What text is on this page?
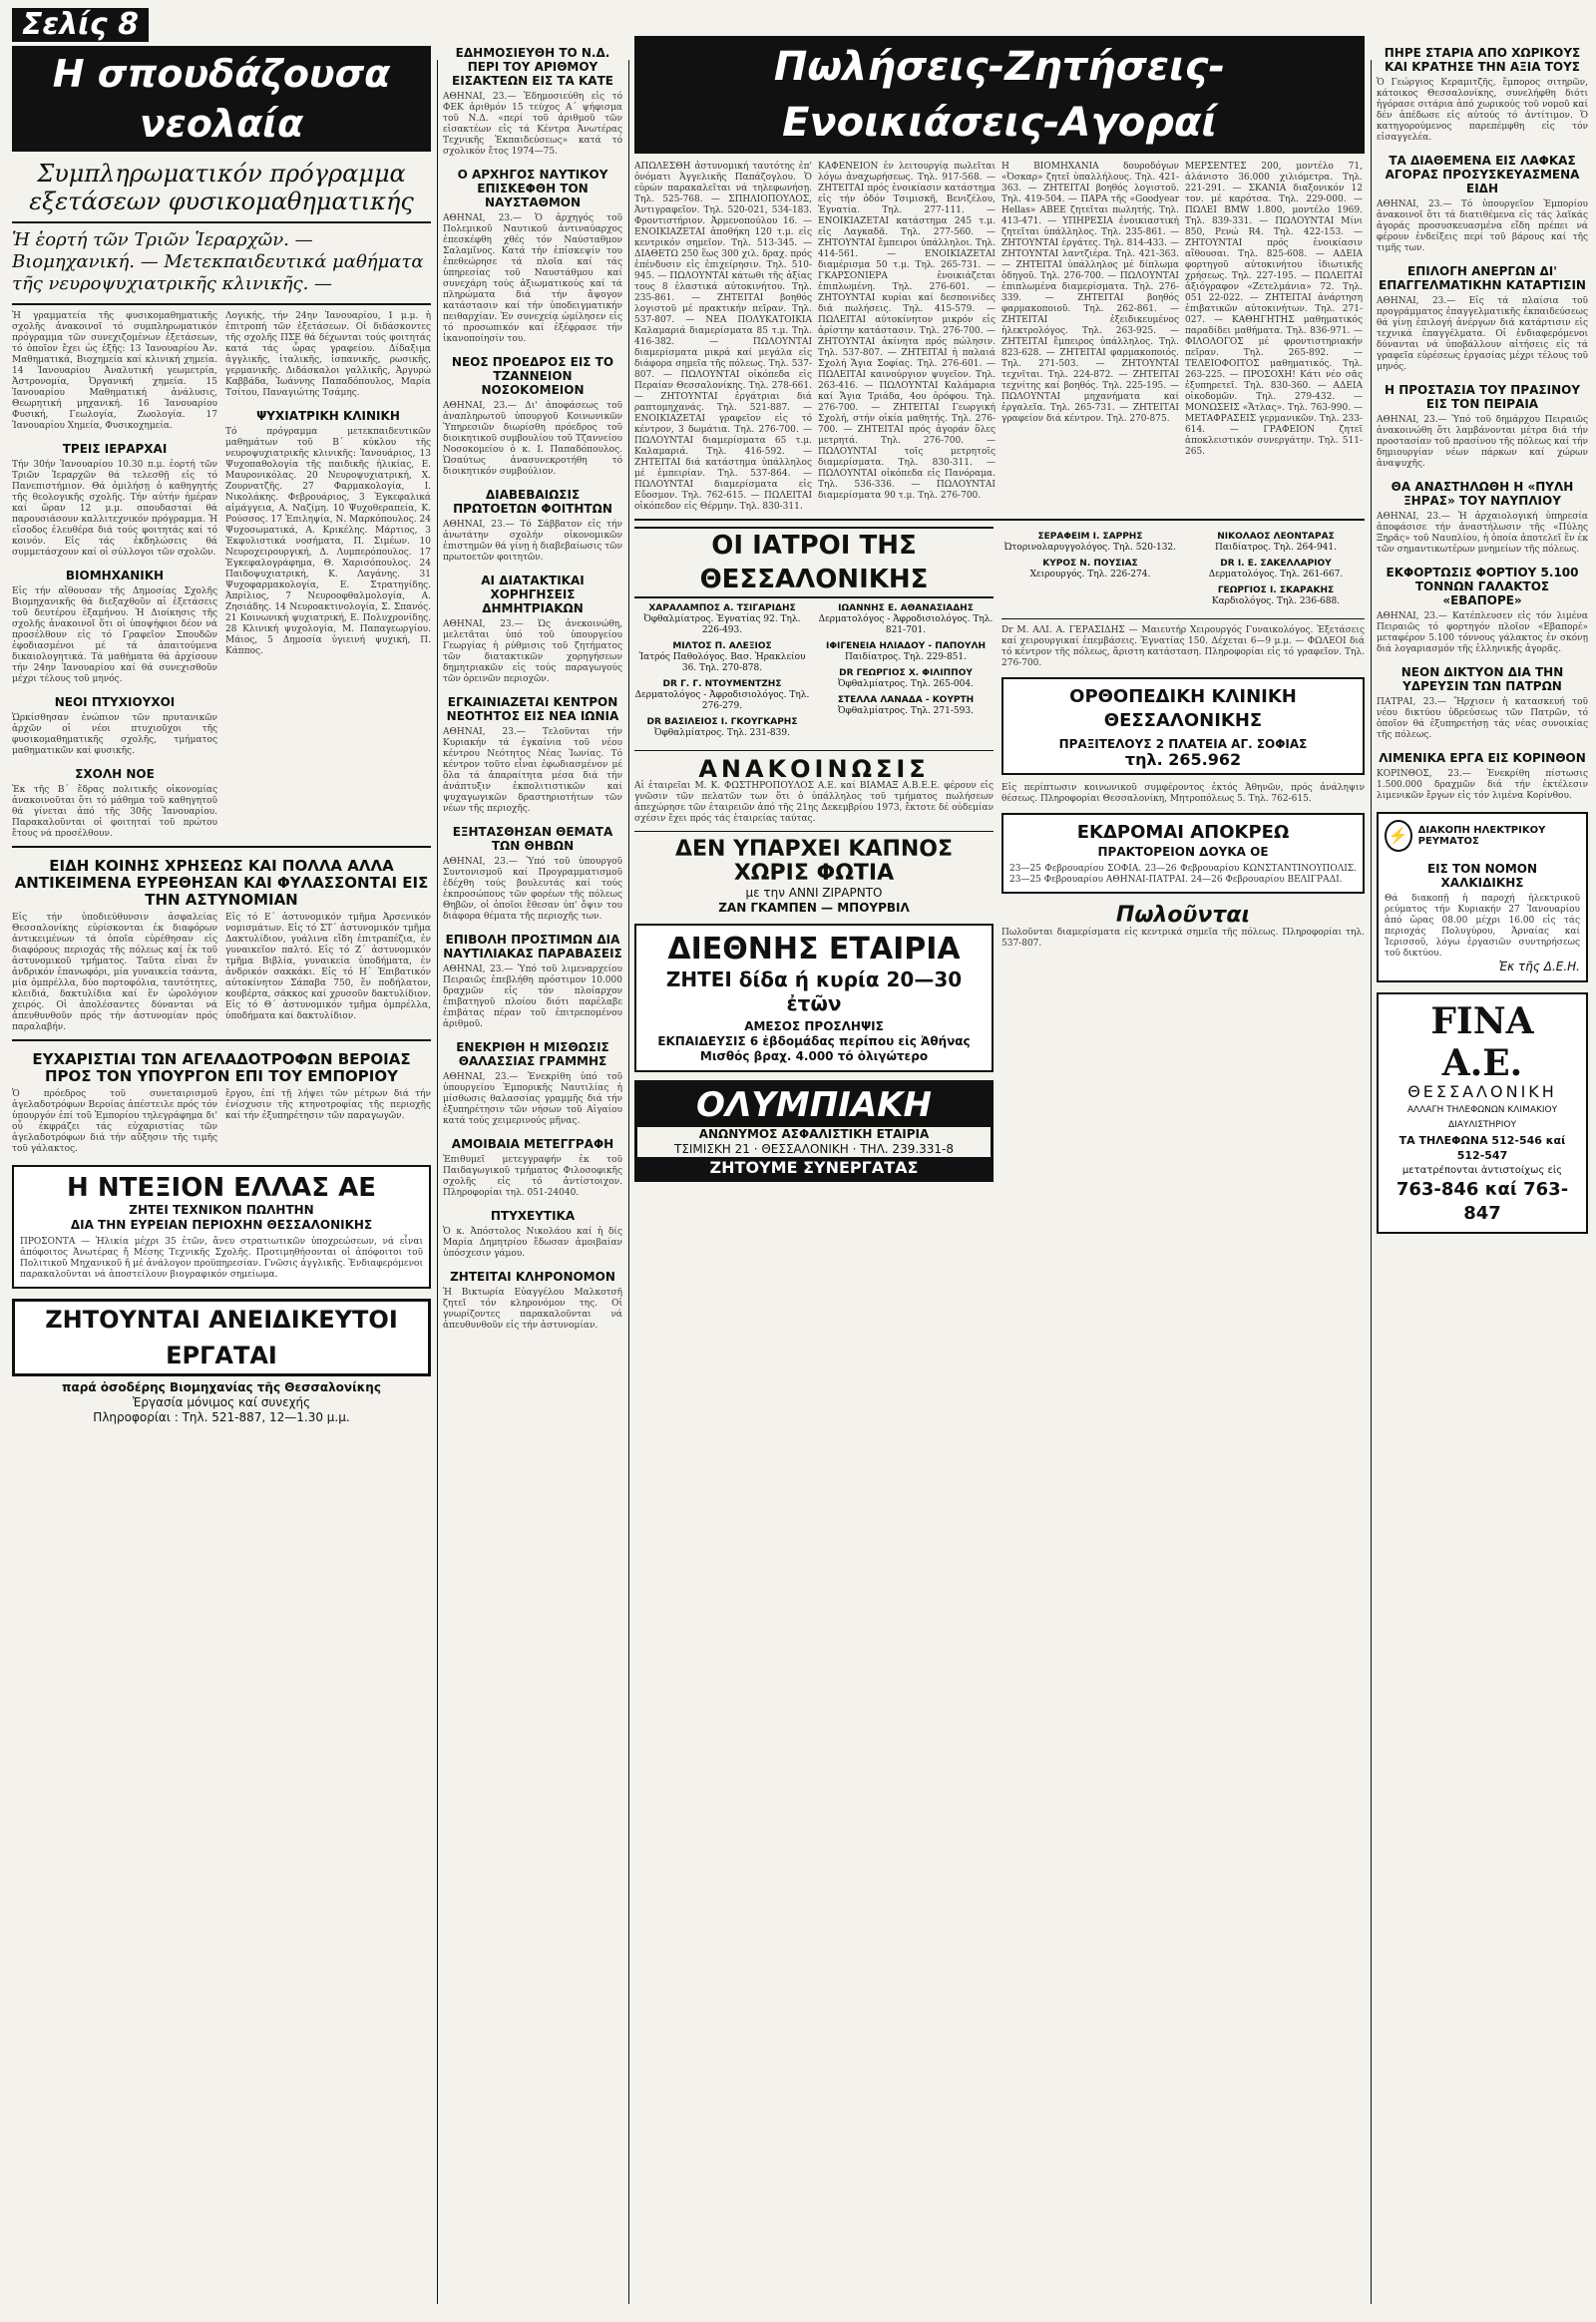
Σελίς 8
Η σπουδάζουσα νεολαία
Συμπληρωματικόν πρόγραμμα εξετάσεων φυσικομαθηματικής
Ἡ ἑορτή τῶν Τριῶν Ἱεραρχῶν. — Βιομηχανική. — Μετεκπαιδευτικά μαθήματα τῆς νευροψυχιατρικῆς κλινικῆς. —
Ἡ γραμματεία τῆς φυσικομαθηματικῆς σχολῆς ἀνακοινοῖ τό συμπληρωματικόν πρόγραμμα τῶν συνεχιζομένων ἐξετάσεων, τό ὁποῖον ἔχει ὡς ἑξῆς: 13 Ἰανουαρίου Ἀν. Μαθηματικά, Βιοχημεία καί κλινική χημεία. 14 Ἰανουαρίου Ἀναλυτική γεωμετρία, Ἀστρονομία, Ὀργανική χημεία. 15 Ἰανουαρίου Μαθηματική ἀνάλυσις, Θεωρητική μηχανική. 16 Ἰανουαρίου Φυσική, Γεωλογία, Ζωολογία. 17 Ἰανουαρίου Χημεία, Φυσικοχημεία.
ΤΡΕΙΣ ΙΕΡΑΡΧΑΙ
Τήν 30ήν Ἰανουαρίου 10.30 π.μ. ἑορτή τῶν Τριῶν Ἱεραρχῶν θά τελεσθῇ εἰς τό Πανεπιστήμιον. Θά ὁμιλήσῃ ὁ καθηγητής τῆς θεολογικῆς σχολῆς. Τήν αὐτήν ἡμέραν καί ὥραν 12 μ.μ. σπουδασταί θά παρουσιάσουν καλλιτεχνικόν πρόγραμμα. Ἡ εἴσοδος ἐλευθέρα διά τούς φοιτητάς καί τό κοινόν. Εἰς τάς ἐκδηλώσεις θά συμμετάσχουν καί οἱ σύλλογοι τῶν σχολῶν.
ΒΙΟΜΗΧΑΝΙΚΗ
Εἰς τήν αἴθουσαν τῆς Δημοσίας Σχολῆς Βιομηχανικῆς θά διεξαχθοῦν αἱ ἐξετάσεις τοῦ δευτέρου ἑξαμήνου. Ἡ Διοίκησις τῆς σχολῆς ἀνακοινοῖ ὅτι οἱ ὑποψήφιοι δέον νά προσέλθουν εἰς τό Γραφεῖον Σπουδῶν ἐφοδιασμένοι μέ τά ἀπαιτούμενα δικαιολογητικά. Τά μαθήματα θά ἀρχίσουν τήν 24ην Ἰανουαρίου καί θά συνεχισθοῦν μέχρι τέλους τοῦ μηνός.
ΝΕΟΙ ΠΤΥΧΙΟΥΧΟΙ
Ὡρκίσθησαν ἐνώπιον τῶν πρυτανικῶν ἀρχῶν οἱ νέοι πτυχιοῦχοι τῆς φυσικομαθηματικῆς σχολῆς, τμήματος μαθηματικῶν καί φυσικῆς.
ΣΧΟΛΗ ΝΟΕ
Ἐκ τῆς Β΄ ἕδρας πολιτικῆς οἰκονομίας ἀνακοινοῦται ὅτι τό μάθημα τοῦ καθηγητοῦ θά γίνεται ἀπό τῆς 30ῆς Ἰανουαρίου. Παρακαλοῦνται οἱ φοιτηταί τοῦ πρώτου ἔτους νά προσέλθουν.
Λογικής, τήν 24ην Ἰανουαρίου, 1 μ.μ. ἡ ἐπιτροπή τῶν ἐξετάσεων. Οἱ διδάσκοντες τῆς σχολῆς ΠΣΕ θά δέχωνται τούς φοιτητάς κατά τάς ὧρας γραφείου. Δίδαξιμα ἀγγλικῆς, ἰταλικῆς, ἰσπανικῆς, ρωσικῆς, γερμανικῆς. Διδάσκαλοι γαλλικῆς, Ἀργυρώ Καββάδα, Ἰωάννης Παπαδόπουλος, Μαρία Τσίτου, Παναγιώτης Τσάμης.
ΨΥΧΙΑΤΡΙΚΗ ΚΛΙΝΙΚΗ
Τό πρόγραμμα μετεκπαιδευτικῶν μαθημάτων τοῦ Β΄ κύκλου τῆς νευροψυχιατρικῆς κλινικῆς: Ἰανουάριος, 13 Ψυχοπαθολογία τῆς παιδικῆς ἡλικίας, Ε. Μαυρονικόλας. 20 Νευροψυχιατρική, Χ. Ζουρνατζῆς. 27 Φαρμακολογία, Ι. Νικολάκης. Φεβρουάριος, 3 Ἐγκεφαλικά αἰμάγγεια, Α. Ναζίμη. 10 Ψυχοθεραπεία, Κ. Ρούσσος. 17 Ἐπιληψία, Ν. Μαρκόπουλος. 24 Ψυχοσωματικά, Α. Κρικέλης. Μάρτιος, 3 Ἐκφυλιστικά νοσήματα, Π. Σιμέων. 10 Νευροχειρουργική, Δ. Λυμπερόπουλος. 17 Ἐγκεφαλογράφημα, Θ. Χαρισόπουλος. 24 Παιδοψυχιατρική, Κ. Λαγάνης. 31 Ψυχοφαρμακολογία, Ε. Στρατηγίδης. Ἀπρίλιος, 7 Νευροοφθαλμολογία, Α. Ζησιάδης. 14 Νευροακτινολογία, Σ. Σπανός. 21 Κοινωνική ψυχιατρική, Ε. Πολυχρονίδης. 28 Κλινική ψυχολογία, Μ. Παπαγεωργίου. Μάιος, 5 Δημοσία ὑγιεινή ψυχική, Π. Κάππος.
ΕΙΔΗ ΚΟΙΝΗΣ ΧΡΗΣΕΩΣ ΚΑΙ ΠΟΛΛΑ ΑΛΛΑ ΑΝΤΙΚΕΙΜΕΝΑ ΕΥΡΕΘΗΣΑΝ ΚΑΙ ΦΥΛΑΣΣΟΝΤΑΙ ΕΙΣ ΤΗΝ ΑΣΤΥΝΟΜΙΑΝ
Εἰς τήν ὑποδιεύθυνσιν ἀσφαλείας Θεσσαλονίκης εὑρίσκονται ἐκ διαφόρων ἀντικειμένων τά ὁποῖα εὑρέθησαν εἰς διαφόρους περιοχάς τῆς πόλεως καί ἐκ τοῦ ἀστυνομικοῦ τμήματος. Ταῦτα εἶναι ἕν ἀνδρικόν ἐπανωφόρι, μία γυναικεία τσάντα, μία ὀμπρέλλα, δύο πορτοφόλια, ταυτότητες, κλειδιά, δακτυλίδια καί ἕν ὡρολόγιον χειρός. Οἱ ἀπολέσαντες δύνανται νά ἀπευθυνθοῦν πρός τήν ἀστυνομίαν πρός παραλαβήν.
Εἰς τό Ε΄ ἀστυνομικόν τμῆμα Ἀρσενικόν νομισμάτων. Εἰς τό ΣΤ΄ ἀστυνομικόν τμῆμα Δακτυλίδιον, γυάλινα εἴδη ἐπιτραπέζια, ἐν γυναικεῖον παλτό. Εἰς τό Ζ΄ ἀστυνομικόν τμῆμα Βιβλία, γυναικεία ὑποδήματα, ἐν ἀνδρικόν σακκάκι. Εἰς τό Η΄ Ἐπιβατικόν αὐτοκίνητον Σάπαβα 750, ἕν ποδήλατον, κουβέρτα, σάκκος καί χρυσοῦν δακτυλίδιον. Εἰς τό Θ΄ ἀστυνομικόν τμῆμα ὁμπρέλλα, ὑποδήματα καί δακτυλίδιον.
ΕΥΧΑΡΙΣΤΙΑΙ ΤΩΝ ΑΓΕΛΑΔΟΤΡΟΦΩΝ ΒΕΡΟΙΑΣ ΠΡΟΣ ΤΟΝ ΥΠΟΥΡΓΟΝ ΕΠΙ ΤΟΥ ΕΜΠΟΡΙΟΥ
Ὁ πρόεδρος τοῦ συνεταιρισμοῦ ἀγελαδοτρόφων Βεροίας ἀπέστειλε πρός τόν ὑπουργόν ἐπί τοῦ Ἐμπορίου τηλεγράφημα δι' οὗ ἐκφράζει τάς εὐχαριστίας τῶν ἀγελαδοτρόφων διά τήν αὔξησιν τῆς τιμῆς τοῦ γάλακτος.
ἔργου, ἐπί τῇ λήψει τῶν μέτρων διά τήν ἐνίσχυσιν τῆς κτηνοτροφίας τῆς περιοχῆς καί τήν ἐξυπηρέτησιν τῶν παραγωγῶν.
Η ΝΤΕΞΙΟΝ ΕΛΛΑΣ ΑΕ
ΖΗΤΕΙ ΤΕΧΝΙΚΟΝ ΠΩΛΗΤΗΝ
ΔΙΑ ΤΗΝ ΕΥΡΕΙΑΝ ΠΕΡΙΟΧΗΝ ΘΕΣΣΑΛΟΝΙΚΗΣ
ΠΡΟΣΟΝΤΑ — Ἡλικία μέχρι 35 ἐτῶν, ἄνευ στρατιωτικῶν ὑποχρεώσεων, νά εἶναι ἀπόφοιτος Ἀνωτέρας ἤ Μέσης Τεχνικῆς Σχολῆς. Προτιμηθήσονται οἱ ἀπόφοιτοι τοῦ Πολιτικοῦ Μηχανικοῦ ἤ μέ ἀνάλογον προϋπηρεσίαν. Γνῶσις ἀγγλικῆς. Ἐνδιαφερόμενοι παρακαλοῦνται νά ἀποστείλουν βιογραφικόν σημείωμα.
ΖΗΤΟΥΝΤΑΙ ΑΝΕΙΔΙΚΕΥΤΟΙ ΕΡΓΑΤΑΙ
παρά ὁσοδέρης Βιομηχανίας τῆς Θεσσαλονίκης
Ἐργασία μόνιμος καί συνεχής
Πληροφορίαι : Τηλ. 521-887, 12—1.30 μ.μ.
ΕΔΗΜΟΣΙΕΥΘΗ ΤΟ Ν.Δ. ΠΕΡΙ ΤΟΥ ΑΡΙΘΜΟΥ ΕΙΣΑΚΤΕΩΝ ΕΙΣ ΤΑ ΚΑΤΕ
ΑΘΗΝΑΙ, 23.— Ἐδημοσιεύθη εἰς τό ΦΕΚ ἀριθμόν 15 τεύχος Α΄ ψήφισμα τοῦ Ν.Δ. «περί τοῦ ἀριθμοῦ τῶν εἰσακτέων εἰς τά Κέντρα Ἀνωτέρας Τεχνικῆς Ἐκπαιδεύσεως» κατά τό σχολικόν ἔτος 1974—75.
Ο ΑΡΧΗΓΟΣ ΝΑΥΤΙΚΟΥ ΕΠΙΣΚΕΦΘΗ ΤΟΝ ΝΑΥΣΤΑΘΜΟΝ
ΑΘΗΝΑΙ, 23.— Ὁ ἀρχηγός τοῦ Πολεμικοῦ Ναυτικοῦ ἀντιναύαρχος ἐπεσκέφθη χθές τόν Ναύσταθμον Σαλαμῖνος. Κατά τήν ἐπίσκεψίν του ἐπεθεώρησε τά πλοῖα καί τάς ὑπηρεσίας τοῦ Ναυστάθμου καί συνεχάρη τούς ἀξιωματικούς καί τά πληρώματα διά τήν ἄψογον κατάστασιν καί τήν ὑποδειγματικήν πειθαρχίαν. Ἐν συνεχείᾳ ὡμίλησεν εἰς τό προσωπικόν καί ἐξέφρασε τήν ἱκανοποίησίν του.
ΝΕΟΣ ΠΡΟΕΔΡΟΣ ΕΙΣ ΤΟ ΤΖΑΝΝΕΙΟΝ ΝΟΣΟΚΟΜΕΙΟΝ
ΑΘΗΝΑΙ, 23.— Δι' ἀποφάσεως τοῦ ἀναπληρωτοῦ ὑπουργοῦ Κοινωνικῶν Ὑπηρεσιῶν διωρίσθη πρόεδρος τοῦ διοικητικοῦ συμβουλίου τοῦ Τζαννείου Νοσοκομείου ὁ κ. Ι. Παπαδόπουλος. Ὡσαύτως ἀνασυνεκροτήθη τό διοικητικόν συμβούλιον.
ΔΙΑΒΕΒΑΙΩΣΙΣ ΠΡΩΤΟΕΤΩΝ ΦΟΙΤΗΤΩΝ
ΑΘΗΝΑΙ, 23.— Τό Σάββατον εἰς τήν ἀνωτάτην σχολήν οἰκονομικῶν ἐπιστημῶν θά γίνῃ ἡ διαβεβαίωσις τῶν πρωτοετῶν φοιτητῶν.
ΑΙ ΔΙΑΤΑΚΤΙΚΑΙ ΧΟΡΗΓΗΣΕΙΣ ΔΗΜΗΤΡΙΑΚΩΝ
ΑΘΗΝΑΙ, 23.— Ὡς ἀνεκοινώθη, μελετᾶται ὑπό τοῦ ὑπουργείου Γεωργίας ἡ ρύθμισις τοῦ ζητήματος τῶν διατακτικῶν χορηγήσεων δημητριακῶν εἰς τούς παραγωγούς τῶν ὀρεινῶν περιοχῶν.
ΕΓΚΑΙΝΙΑΖΕΤΑΙ ΚΕΝΤΡΟΝ ΝΕΟΤΗΤΟΣ ΕΙΣ ΝΕΑ ΙΩΝΙΑ
ΑΘΗΝΑΙ, 23.— Τελοῦνται τήν Κυριακήν τά ἐγκαίνια τοῦ νέου κέντρου Νεότητος Νέας Ἰωνίας. Τό κέντρον τοῦτο εἶναι ἐφωδιασμένον μέ ὅλα τά ἀπαραίτητα μέσα διά τήν ἀνάπτυξιν ἐκπολιτιστικῶν καί ψυχαγωγικῶν δραστηριοτήτων τῶν νέων τῆς περιοχῆς.
ΕΞΗΤΑΣΘΗΣΑΝ ΘΕΜΑΤΑ ΤΩΝ ΘΗΒΩΝ
ΑΘΗΝΑΙ, 23.— Ὑπό τοῦ ὑπουργοῦ Συντονισμοῦ καί Προγραμματισμοῦ ἐδέχθη τούς βουλευτάς καί τούς ἐκπροσώπους τῶν φορέων τῆς πόλεως Θηβῶν, οἱ ὁποῖοι ἔθεσαν ὑπ' ὄψιν του διάφορα θέματα τῆς περιοχῆς των.
ΕΠΙΒΟΛΗ ΠΡΟΣΤΙΜΩΝ ΔΙΑ ΝΑΥΤΙΛΙΑΚΑΣ ΠΑΡΑΒΑΣΕΙΣ
ΑΘΗΝΑΙ, 23.— Ὑπό τοῦ λιμεναρχείου Πειραιῶς ἐπεβλήθη πρόστιμον 10.000 δραχμῶν εἰς τόν πλοίαρχον ἐπιβατηγοῦ πλοίου διότι παρέλαβε ἐπιβάτας πέραν τοῦ ἐπιτρεπομένου ἀριθμοῦ.
ΕΝΕΚΡΙΘΗ Η ΜΙΣΘΩΣΙΣ ΘΑΛΑΣΣΙΑΣ ΓΡΑΜΜΗΣ
ΑΘΗΝΑΙ, 23.— Ἐνεκρίθη ὑπό τοῦ ὑπουργείου Ἐμπορικῆς Ναυτιλίας ἡ μίσθωσις θαλασσίας γραμμῆς διά τήν ἐξυπηρέτησιν τῶν νήσων τοῦ Αἰγαίου κατά τούς χειμερινούς μῆνας.
ΑΜΟΙΒΑΙΑ ΜΕΤΕΓΓΡΑΦΗ
Ἐπιθυμεῖ μετεγγραφήν ἐκ τοῦ Παιδαγωγικοῦ τμήματος Φιλοσοφικῆς σχολῆς εἰς τό ἀντίστοιχον. Πληροφορίαι τηλ. 051-24040.
ΠΤΥΧΕΥΤΙΚΑ
Ὁ κ. Ἀπόστολος Νικολάου καί ἡ δίς Μαρία Δημητρίου ἔδωσαν ἀμοιβαίαν ὑπόσχεσιν γάμου.
ΖΗΤΕΙΤΑΙ ΚΛΗΡΟΝΟΜΟΝ
Ἡ Βικτωρία Εὐαγγέλου Μαλκοτσῆ ζητεῖ τόν κληρονόμον της. Οἱ γνωρίζοντες παρακαλοῦνται νά ἀπευθυνθοῦν εἰς τήν ἀστυνομίαν.
Πωλήσεις-Ζητήσεις-Ενοικιάσεις-Αγοραί
ΑΠΩΛΕΣΘΗ ἀστυνομική ταυτότης ἐπ' ὀνόματι Ἀγγελικῆς Παπάζογλου. Ὁ εὑρών παρακαλεῖται νά τηλεφωνήσῃ. Τηλ. 525-768. — ΣΠΗΛΙΟΠΟΥΛΟΣ, Ἀντιγραφεῖον. Τηλ. 520-021, 534-183. Φροντιστήριον. Ἀρμενοπούλου 16. — ΕΝΟΙΚΙΑΖΕΤΑΙ ἀποθήκη 120 τ.μ. εἰς κεντρικόν σημεῖον. Τηλ. 513-345. — ΔΙΑΘΕΤΩ 250 ἕως 300 χιλ. δραχ. πρός ἐπένδυσιν εἰς ἐπιχείρησιν. Τηλ. 510-945. — ΠΩΛΟΥΝΤΑΙ κάτωθι τῆς ἀξίας τους 8 ἐλαστικά αὐτοκινήτου. Τηλ. 235-861. — ΖΗΤΕΙΤΑΙ βοηθός λογιστοῦ μέ πρακτικήν πεῖραν. Τηλ. 537-807. — ΝΕΑ ΠΟΛΥΚΑΤΟΙΚΙΑ Καλαμαριά διαμερίσματα 85 τ.μ. Τηλ. 416-382. — ΠΩΛΟΥΝΤΑΙ διαμερίσματα μικρά καί μεγάλα εἰς διάφορα σημεῖα τῆς πόλεως. Τηλ. 537-807. — ΠΩΛΟΥΝΤΑΙ οἰκόπεδα εἰς Περαίαν Θεσσαλονίκης. Τηλ. 278-661. — ΖΗΤΟΥΝΤΑΙ ἐργάτριαι διά ραπτομηχανάς. Τηλ. 521-887. — ΕΝΟΙΚΙΑΖΕΤΑΙ γραφεῖον εἰς τό κέντρον, 3 δωμάτια. Τηλ. 276-700. — ΠΩΛΟΥΝΤΑΙ διαμερίσματα 65 τ.μ. Καλαμαριά. Τηλ. 416-592. — ΖΗΤΕΙΤΑΙ διά κατάστημα ὑπάλληλος μέ ἐμπειρίαν. Τηλ. 537-864. — ΠΩΛΟΥΝΤΑΙ διαμερίσματα εἰς Εὔοσμον. Τηλ. 762-615. — ΠΩΛΕΙΤΑΙ οἰκόπεδον εἰς Θέρμην. Τηλ. 830-311.
ΚΑΦΕΝΕΙΟΝ ἐν λειτουργίᾳ πωλεῖται λόγω ἀναχωρήσεως. Τηλ. 917-568. — ΖΗΤΕΙΤΑΙ πρός ἐνοικίασιν κατάστημα εἰς τήν ὁδόν Τσιμισκῆ, Βενιζέλου, Ἐγνατία. Τηλ. 277-111. — ΕΝΟΙΚΙΑΖΕΤΑΙ κατάστημα 245 τ.μ. εἰς Λαγκαδᾶ. Τηλ. 277-560. — ΖΗΤΟΥΝΤΑΙ ἔμπειροι ὑπάλληλοι. Τηλ. 414-561. — ΕΝΟΙΚΙΑΖΕΤΑΙ διαμέρισμα 50 τ.μ. Τηλ. 265-731. — ΓΚΑΡΣΟΝΙΕΡΑ ἐνοικιάζεται ἐπιπλωμένη. Τηλ. 276-601. — ΖΗΤΟΥΝΤΑΙ κυρίαι καί δεσποινίδες διά πωλήσεις. Τηλ. 415-579. — ΠΩΛΕΙΤΑΙ αὐτοκίνητον μικρόν εἰς ἀρίστην κατάστασιν. Τηλ. 276-700. — ΖΗΤΟΥΝΤΑΙ ἀκίνητα πρός πώλησιν. Τηλ. 537-807. — ΖΗΤΕΙΤΑΙ ἡ παλαιά Σχολή Ἄγια Σοφίας. Τηλ. 276-601. — ΠΩΛΕΙΤΑΙ καινούργιον ψυγεῖον. Τηλ. 263-416. — ΠΩΛΟΥΝΤΑΙ Καλάμαρια καί Ἄγια Τριάδα, 4ου ὀρόφου. Τηλ. 276-700. — ΖΗΤΕΙΤΑΙ Γεωργική Σχολή, στήν οἰκία μαθητής. Τηλ. 276-700. — ΖΗΤΕΙΤΑΙ πρός ἀγοράν ὅλες μετρητά. Τηλ. 276-700. — ΠΩΛΟΥΝΤΑΙ τοῖς μετρητοῖς διαμερίσματα. Τηλ. 830-311. — ΠΩΛΟΥΝΤΑΙ οἰκόπεδα εἰς Πανόραμα. Τηλ. 536-336. — ΠΩΛΟΥΝΤΑΙ διαμερίσματα 90 τ.μ. Τηλ. 276-700.
Η ΒΙΟΜΗΧΑΝΙΑ δουροδόγων «Ὀσκαρ» ζητεῖ ὑπαλλήλους. Τηλ. 421-363. — ΖΗΤΕΙΤΑΙ βοηθός λογιστοῦ. Τηλ. 419-504. — ΠΑΡΑ τῆς «Goodyear Hellas» ΑΒΕΕ ζητεῖται πωλητής. Τηλ. 413-471. — ΥΠΗΡΕΣΙΑ ἐνοικιαστική ζητεῖται ὑπάλληλος. Τηλ. 235-861. — ΖΗΤΟΥΝΤΑΙ ἐργάτες. Τηλ. 814-433. — ΖΗΤΟΥΝΤΑΙ λαντζιέρα. Τηλ. 421-363. — ΖΗΤΕΙΤΑΙ ὑπάλληλος μέ δίπλωμα ὁδηγοῦ. Τηλ. 276-700. — ΠΩΛΟΥΝΤΑΙ ἐπιπλωμένα διαμερίσματα. Τηλ. 276-339. — ΖΗΤΕΙΤΑΙ βοηθός φαρμακοποιοῦ. Τηλ. 262-861. — ΖΗΤΕΙΤΑΙ ἐξειδικευμένος ἠλεκτρολόγος. Τηλ. 263-925. — ΖΗΤΕΙΤΑΙ ἔμπειρος ὑπάλληλος. Τηλ. 823-628. — ΖΗΤΕΙΤΑΙ φαρμακοποιός. Τηλ. 271-503. — ΖΗΤΟΥΝΤΑΙ τεχνῖται. Τηλ. 224-872. — ΖΗΤΕΙΤΑΙ τεχνίτης καί βοηθός. Τηλ. 225-195. — ΠΩΛΟΥΝΤΑΙ μηχανήματα καί ἐργαλεῖα. Τηλ. 265-731. — ΖΗΤΕΙΤΑΙ γραφείον διά κέντρον. Τηλ. 270-875.
ΜΕΡΣΕΝΤΕΣ 200, μοντέλο 71, ἀλάνιστο 36.000 χιλιόμετρα. Τηλ. 221-291. — ΣΚΑΝΙΑ διαξονικόν 12 τον. μέ καρότσα. Τηλ. 229-000. — ΠΩΛΕΙ ΒΜW 1.800, μοντέλο 1969. Τηλ. 839-331. — ΠΩΛΟΥΝΤΑΙ Μίνι 850, Ρενώ R4. Τηλ. 422-153. — ΖΗΤΟΥΝΤΑΙ πρός ἐνοικίασιν αἴθουσαι. Τηλ. 825-608. — ΑΔΕΙΑ φορτηγοῦ αὐτοκινήτου ἰδιωτικῆς χρήσεως. Τηλ. 227-195. — ΠΩΛΕΙΤΑΙ ἀξιόγραφον «Ζετελμάνια» 72. Τηλ. 051 22-022. — ΖΗΤΕΙΤΑΙ ἀνάρτηση ἐπιβατικῶν αὐτοκινήτων. Τηλ. 271-027. — ΚΑΘΗΓΗΤΗΣ μαθηματικός παραδίδει μαθήματα. Τηλ. 836-971. — ΦΙΛΟΛΟΓΟΣ μέ φροντιστηριακήν πεῖραν. Τηλ. 265-892. — ΤΕΛΕΙΟΦΟΙΤΟΣ μαθηματικός. Τηλ. 263-225. — ΠΡΟΣΟΧΗ! Κάτι νέο σᾶς ἐξυπηρετεῖ. Τηλ. 830-360. — ΑΔΕΙΑ οἰκοδομῶν. Τηλ. 279-432. — ΜΟΝΩΣΕΙΣ «Ἄτλας». Τηλ. 763-990. — ΜΕΤΑΦΡΑΣΕΙΣ γερμανικῶν. Τηλ. 233-614. — ΓΡΑΦΕΙΟΝ ζητεῖ ἀποκλειστικόν συνεργάτην. Τηλ. 511-265.
ΟΙ ΙΑΤΡΟΙ ΤΗΣ ΘΕΣΣΑΛΟΝΙΚΗΣ
ΧΑΡΑΛΑΜΠΟΣ Α. ΤΣΙΓΑΡΙΔΗΣ
Ὀφθαλμίατρος. Ἐγνατίας 92. Τηλ. 226-493.
ΜΙΛΤΟΣ Π. ΑΛΕΞΙΟΣ
Ἰατρός Παθολόγος. Βασ. Ἡρακλείου 36. Τηλ. 270-878.
DR Γ. Γ. ΝΤΟΥΜΕΝΤΖΗΣ
Δερματολόγος - Ἀφροδισιολόγος. Τηλ. 276-279.
DR ΒΑΣΙΛΕΙΟΣ Ι. ΓΚΟΥΓΚΑΡΗΣ
Ὀφθαλμίατρος. Τηλ. 231-839.
ΙΩΑΝΝΗΣ Ε. ΑΘΑΝΑΣΙΑΔΗΣ
Δερματολόγος - Ἀφροδισιολόγος. Τηλ. 821-701.
ΙΦΙΓΕΝΕΙΑ ΗΛΙΑΔΟΥ - ΠΑΠΟΥΛΗ
Παιδίατρος. Τηλ. 229-851.
DR ΓΕΩΡΓΙΟΣ Χ. ΦΙΛΙΠΠΟΥ
Ὀφθαλμίατρος. Τηλ. 265-004.
ΣΤΕΛΛΑ ΛΑΝΑΔΑ - ΚΟΥΡΤΗ
Ὀφθαλμίατρος. Τηλ. 271-593.
ΑΝΑΚΟΙΝΩΣΙΣ
Αἱ ἑταιρεῖαι Μ. Κ. ΦΩΣΤΗΡΟΠΟΥΛΟΣ Α.Ε. καί ΒΙΑΜΑΞ Α.Β.Ε.Ε. φέρουν εἰς γνῶσιν τῶν πελατῶν των ὅτι ὁ ὑπάλληλος τοῦ τμήματος πωλήσεων ἀπεχώρησε τῶν ἑταιρειῶν ἀπό τῆς 21ης Δεκεμβρίου 1973, ἔκτοτε δέ οὐδεμίαν σχέσιν ἔχει πρός τάς ἑταιρείας ταύτας.
ΔΕΝ ΥΠΑΡΧΕΙ ΚΑΠΝΟΣ ΧΩΡΙΣ ΦΩΤΙΑ
με την ΑΝΝΙ ΖΙΡΑΡΝΤΟ
ΖΑΝ ΓΚΑΜΠΕΝ — ΜΠΟΥΡΒΙΛ
ΔΙΕΘΝΗΣ ΕΤΑΙΡΙΑ
ΖΗΤΕΙ δίδα ή κυρία 20—30 ἐτῶν
ΑΜΕΣΟΣ ΠΡΟΣΛΗΨΙΣ
ΕΚΠΑΙΔΕΥΣΙΣ 6 ἑβδομάδας περίπου εἰς Ἀθήνας
Μισθός βραχ. 4.000 τό ὀλιγώτερο
ΟΛΥΜΠΙΑΚΗ
ΑΝΩΝΥΜΟΣ ΑΣΦΑΛΙΣΤΙΚΗ ΕΤΑΙΡΙΑ
ΤΣΙΜΙΣΚΗ 21 · ΘΕΣΣΑΛΟΝΙΚΗ · ΤΗΛ. 239.331-8
ΖΗΤΟΥΜΕ ΣΥΝΕΡΓΑΤΑΣ
ΣΕΡΑΦΕΙΜ Ι. ΣΑΡΡΗΣ
Ὠτορινολαρυγγολόγος. Τηλ. 520-132.
ΚΥΡΟΣ Ν. ΠΟΥΣΙΑΣ
Χειρουργός. Τηλ. 226-274.
ΝΙΚΟΛΑΟΣ ΛΕΟΝΤΑΡΑΣ
Παιδίατρος. Τηλ. 264-941.
DR Ι. Ε. ΣΑΚΕΛΛΑΡΙΟΥ
Δερματολόγος. Τηλ. 261-667.
ΓΕΩΡΓΙΟΣ Ι. ΣΚΑΡΑΚΗΣ
Καρδιολόγος. Τηλ. 236-688.
Dr Μ. ΑΛΙ. Α. ΓΕΡΑΣΙΔΗΣ — Μαιευτήρ Χειρουργός Γυναικολόγος. Ἐξετάσεις καί χειρουργικαί ἐπεμβάσεις. Ἐγνατίας 150. Δέχεται 6—9 μ.μ. — ΦΩΛΕΟΙ διά τό κέντρον τῆς πόλεως, ἄριστη κατάσταση. Πληροφορίαι εἰς τό γραφεῖον. Τηλ. 276-700.
ΟΡΘΟΠΕΔΙΚΗ ΚΛΙΝΙΚΗ ΘΕΣΣΑΛΟΝΙΚΗΣ
ΠΡΑΞΙΤΕΛΟΥΣ 2 ΠΛΑΤΕΙΑ ΑΓ. ΣΟΦΙΑΣ
τηλ. 265.962
Εἰς περίπτωσιν κοινωνικοῦ συμφέροντος ἐκτός Ἀθηνῶν, πρός ἀνάληψιν θέσεως. Πληροφορίαι Θεσσαλονίκη, Μητροπόλεως 5. Τηλ. 762-615.
ΕΚΔΡΟΜΑΙ ΑΠΟΚΡΕΩ
ΠΡΑΚΤΟΡΕΙΟΝ ΔΟΥΚΑ ΟΕ
23—25 Φεβρουαρίου ΣΟΦΙΑ. 23—26 Φεβρουαρίου ΚΩΝΣΤΑΝΤΙΝΟΥΠΟΛΙΣ. 23—25 Φεβρουαρίου ΑΘΗΝΑΙ-ΠΑΤΡΑΙ. 24—26 Φεβρουαρίου ΒΕΛΙΓΡΑΔΙ.
Πωλοῦνται
Πωλοῦνται διαμερίσματα εἰς κεντρικά σημεῖα τῆς πόλεως. Πληροφορίαι τηλ. 537-807.
ΠΗΡΕ ΣΤΑΡΙΑ ΑΠΟ ΧΩΡΙΚΟΥΣ ΚΑΙ ΚΡΑΤΗΣΕ ΤΗΝ ΑΞΙΑ ΤΟΥΣ
Ὁ Γεώργιος Κεραμιτζῆς, ἔμπορος σιτηρῶν, κάτοικος Θεσσαλονίκης, συνελήφθη διότι ἠγόρασε σιτάρια ἀπό χωρικούς τοῦ νομοῦ καί δέν ἀπέδωσε εἰς αὐτούς τό ἀντίτιμον. Ὁ κατηγορούμενος παρεπέμφθη εἰς τόν εἰσαγγελέα.
ΤΑ ΔΙΑΘΕΜΕΝΑ ΕΙΣ ΛΑΦΚΑΣ ΑΓΟΡΑΣ ΠΡΟΣΥΣΚΕΥΑΣΜΕΝΑ ΕΙΔΗ
ΑΘΗΝΑΙ, 23.— Τό ὑπουργεῖον Ἐμπορίου ἀνακοινοῖ ὅτι τά διατιθέμενα εἰς τάς λαϊκάς ἀγοράς προσυσκευασμένα εἴδη πρέπει νά φέρουν ἐνδείξεις περί τοῦ βάρους καί τῆς τιμῆς των.
ΕΠΙΛΟΓΗ ΑΝΕΡΓΩΝ ΔΙ' ΕΠΑΓΓΕΛΜΑΤΙΚΗΝ ΚΑΤΑΡΤΙΣΙΝ
ΑΘΗΝΑΙ, 23.— Εἰς τά πλαίσια τοῦ προγράμματος ἐπαγγελματικῆς ἐκπαιδεύσεως θά γίνῃ ἐπιλογή ἀνέργων διά κατάρτισιν εἰς τεχνικά ἐπαγγέλματα. Οἱ ἐνδιαφερόμενοι δύνανται νά ὑποβάλλουν αἰτήσεις εἰς τά γραφεῖα εὑρέσεως ἐργασίας μέχρι τέλους τοῦ μηνός.
Η ΠΡΟΣΤΑΣΙΑ ΤΟΥ ΠΡΑΣΙΝΟΥ ΕΙΣ ΤΟΝ ΠΕΙΡΑΙΑ
ΑΘΗΝΑΙ, 23.— Ὑπό τοῦ δημάρχου Πειραιῶς ἀνακοινώθη ὅτι λαμβάνονται μέτρα διά τήν προστασίαν τοῦ πρασίνου τῆς πόλεως καί τήν δημιουργίαν νέων πάρκων καί χώρων ἀναψυχῆς.
ΘΑ ΑΝΑΣΤΗΛΩΘΗ Η «ΠΥΛΗ ΞΗΡΑΣ» ΤΟΥ ΝΑΥΠΛΙΟΥ
ΑΘΗΝΑΙ, 23.— Ἡ ἀρχαιολογική ὑπηρεσία ἀποφάσισε τήν ἀναστήλωσιν τῆς «Πύλης Ξηρᾶς» τοῦ Ναυπλίου, ἡ ὁποία ἀποτελεῖ ἕν ἐκ τῶν σημαντικωτέρων μνημείων τῆς πόλεως.
ΕΚΦΟΡΤΩΣΙΣ ΦΟΡΤΙΟΥ 5.100 ΤΟΝΝΩΝ ΓΑΛΑΚΤΟΣ «ΕΒΑΠΟΡΕ»
ΑΘΗΝΑΙ, 23.— Κατέπλευσεν εἰς τόν λιμένα Πειραιῶς τό φορτηγόν πλοῖον «Εβαπορέ» μεταφέρον 5.100 τόννους γάλακτος ἐν σκόνῃ διά λογαριασμόν τῆς ἑλληνικῆς ἀγορᾶς.
ΝΕΟΝ ΔΙΚΤΥΟΝ ΔΙΑ ΤΗΝ ΥΔΡΕΥΣΙΝ ΤΩΝ ΠΑΤΡΩΝ
ΠΑΤΡΑΙ, 23.— Ἤρχισεν ἡ κατασκευή τοῦ νέου δικτύου ὑδρεύσεως τῶν Πατρῶν, τό ὁποῖον θά ἐξυπηρετήσῃ τάς νέας συνοικίας τῆς πόλεως.
ΛΙΜΕΝΙΚΑ ΕΡΓΑ ΕΙΣ ΚΟΡΙΝΘΟΝ
ΚΟΡΙΝΘΟΣ, 23.— Ἐνεκρίθη πίστωσις 1.500.000 δραχμῶν διά τήν ἐκτέλεσιν λιμενικῶν ἔργων εἰς τόν λιμένα Κορίνθου.
⚡ ΔΙΑΚΟΠΗ ΗΛΕΚΤΡΙΚΟΥ ΡΕΥΜΑΤΟΣ
ΕΙΣ ΤΟΝ ΝΟΜΟΝ ΧΑΛΚΙΔΙΚΗΣ
Θά διακοπῇ ἡ παροχή ἠλεκτρικοῦ ρεύματος τήν Κυριακήν 27 Ἰανουαρίου ἀπό ὥρας 08.00 μέχρι 16.00 εἰς τάς περιοχάς Πολυγύρου, Ἀρναίας καί Ἱερισσοῦ, λόγω ἐργασιῶν συντηρήσεως τοῦ δικτύου.
Ἐκ τῆς Δ.Ε.Η.
FINA A.E.
ΘΕΣΣΑΛΟΝΙΚΗ
ΑΛΛΑΓΗ ΤΗΛΕΦΩΝΩΝ ΚΛΙΜΑΚΙΟΥ ΔΙΑΥΛΙΣΤΗΡΙΟΥ
ΤΑ ΤΗΛΕΦΩΝΑ 512-546 καί 512-547
μετατρέπονται ἀντιστοίχως εἰς
763-846 καί 763-847
